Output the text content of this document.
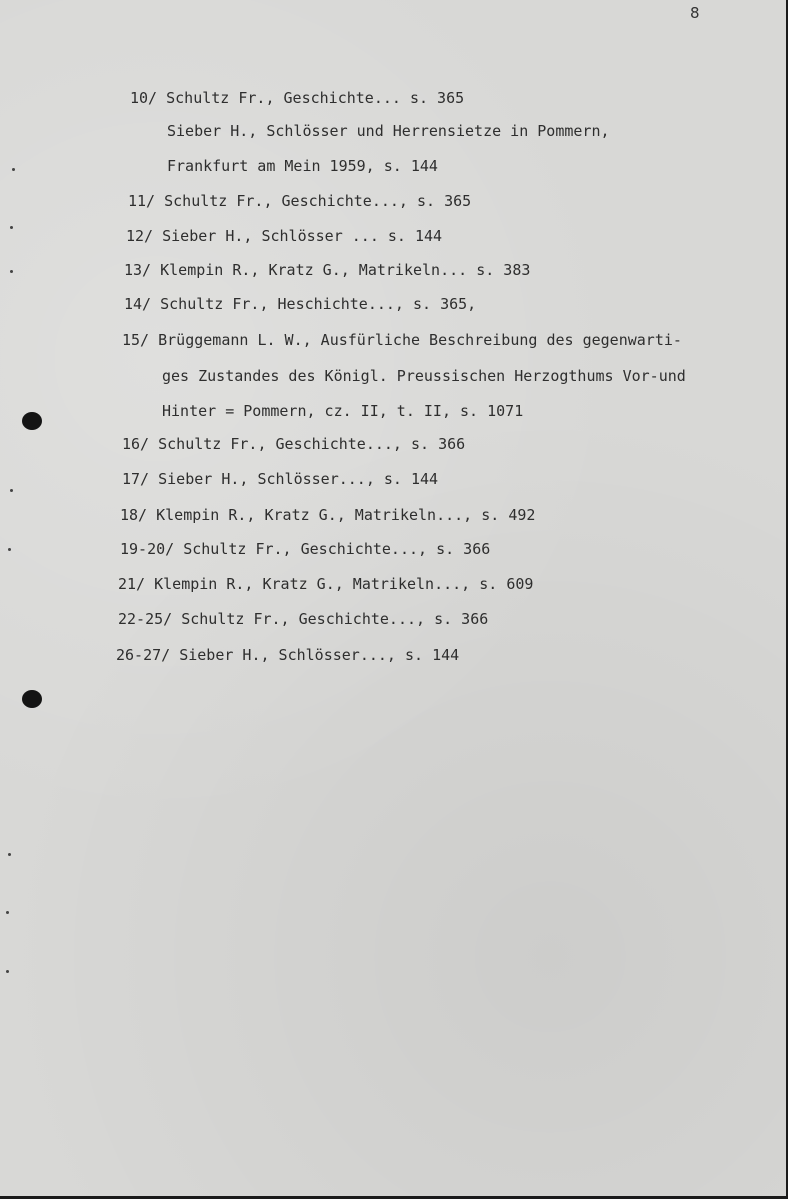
8
10/ Schultz Fr., Geschichte... s. 365
Sieber H., Schlösser und Herrensietze in Pommern,
Frankfurt am Mein 1959, s. 144
11/ Schultz Fr., Geschichte..., s. 365
12/ Sieber H., Schlösser ... s. 144
13/ Klempin R., Kratz G., Matrikeln... s. 383
14/ Schultz Fr., Heschichte..., s. 365,
15/ Brüggemann L. W., Ausfürliche Beschreibung des gegenwarti-
ges Zustandes des Königl. Preussischen Herzogthums Vor-und
Hinter = Pommern, cz. II, t. II, s. 1071
16/ Schultz Fr., Geschichte..., s. 366
17/ Sieber H., Schlösser..., s. 144
18/ Klempin R., Kratz G., Matrikeln..., s. 492
19-20/ Schultz Fr., Geschichte..., s. 366
21/ Klempin R., Kratz G., Matrikeln..., s. 609
22-25/ Schultz Fr., Geschichte..., s. 366
26-27/ Sieber H., Schlösser..., s. 144
